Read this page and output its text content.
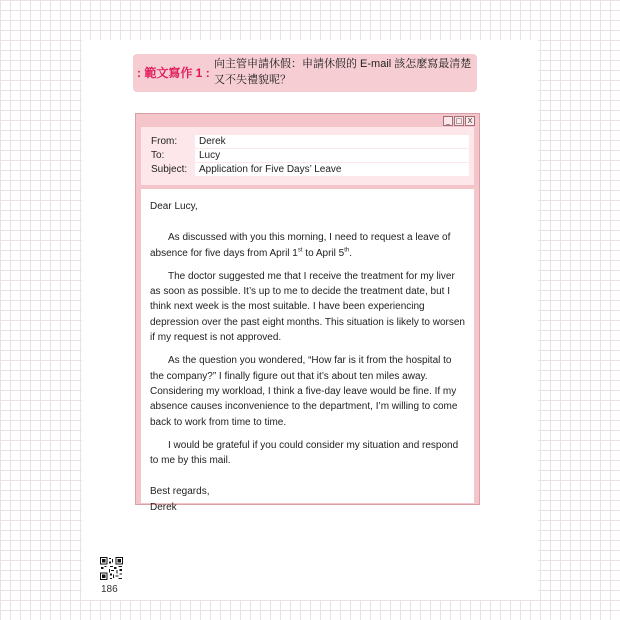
: 範文寫作 1 :
向主管申請休假：申請休假的 E-mail 該怎麼寫最清楚又不失禮貌呢？
_ □ X
From:	Derek
To:	Lucy
Subject:	Application for Five Days’ Leave

Dear Lucy,

As discussed with you this morning, I need to request a leave of absence for five days from April 1st to April 5th.

The doctor suggested me that I receive the treatment for my liver as soon as possible. It’s up to me to decide the treatment date, but I think next week is the most suitable. I have been experiencing depression over the past eight months. This situation is likely to worsen if my request is not approved.

As the question you wondered, “How far is it from the hospital to the company?” I finally figure out that it’s about ten miles away. Considering my workload, I think a five-day leave would be fine. If my absence causes inconvenience to the department, I’m willing to come back to work from time to time.

I would be grateful if you could consider my situation and respond to me by this mail.

Best regards,

Derek

186
